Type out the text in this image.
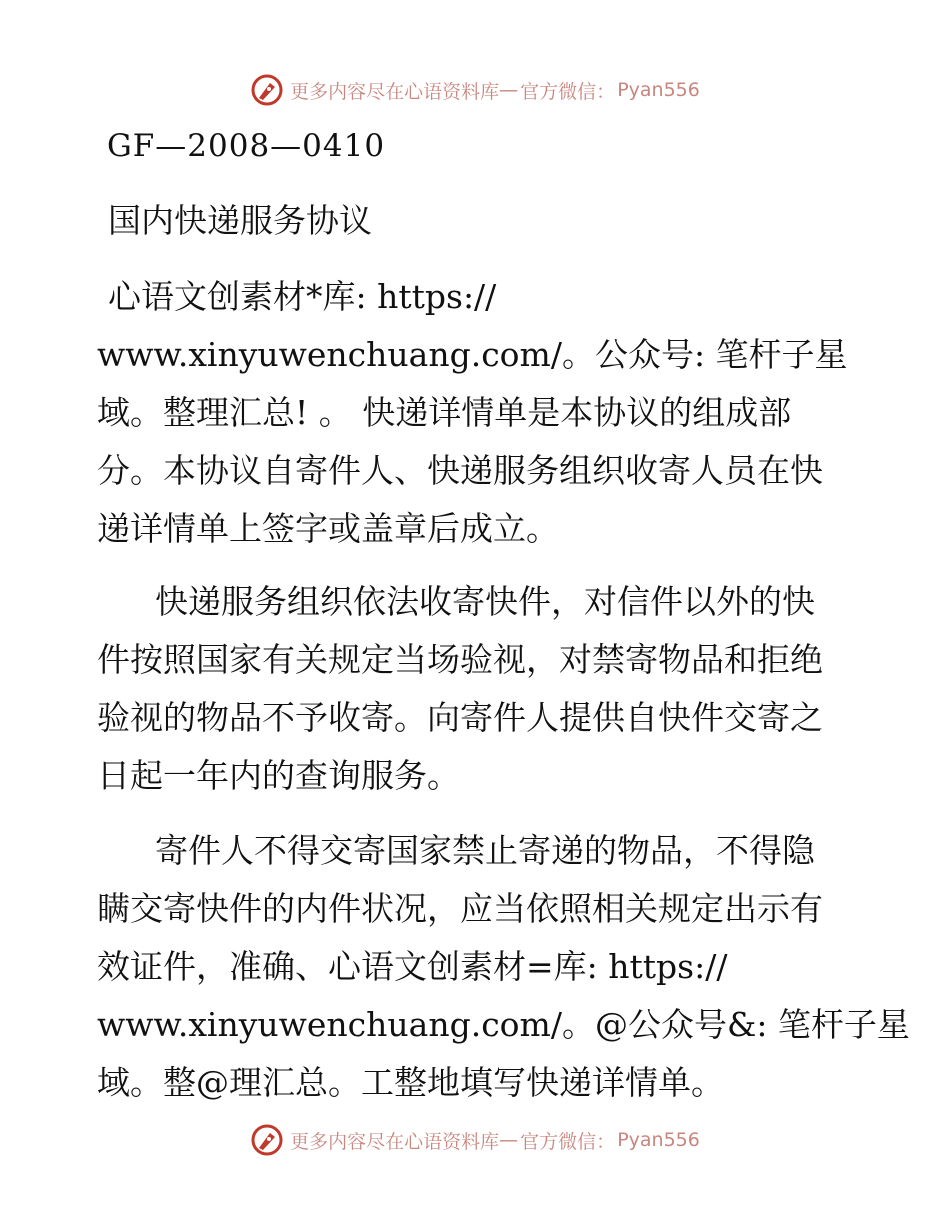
更多内容尽在心语资料库 — 官方微信： Pyan556
GF—2008—0410
国内快递服务协议
心语文创素材*库: https://
www.xinyuwenchuang.com/。公众号: 笔杆子星
域。整理汇总! 。 快递详情单是本协议的组成部
分。本协议自寄件人、快递服务组织收寄人员在快
递详情单上签字或盖章后成立。
快递服务组织依法收寄快件，对信件以外的快
件按照国家有关规定当场验视，对禁寄物品和拒绝
验视的物品不予收寄。向寄件人提供自快件交寄之
日起一年内的查询服务。
寄件人不得交寄国家禁止寄递的物品，不得隐
瞒交寄快件的内件状况，应当依照相关规定出示有
效证件，准确、心语文创素材=库: https://
www.xinyuwenchuang.com/。@公众号&: 笔杆子星
域。整@理汇总。工整地填写快递详情单。
更多内容尽在心语资料库 — 官方微信： Pyan556
